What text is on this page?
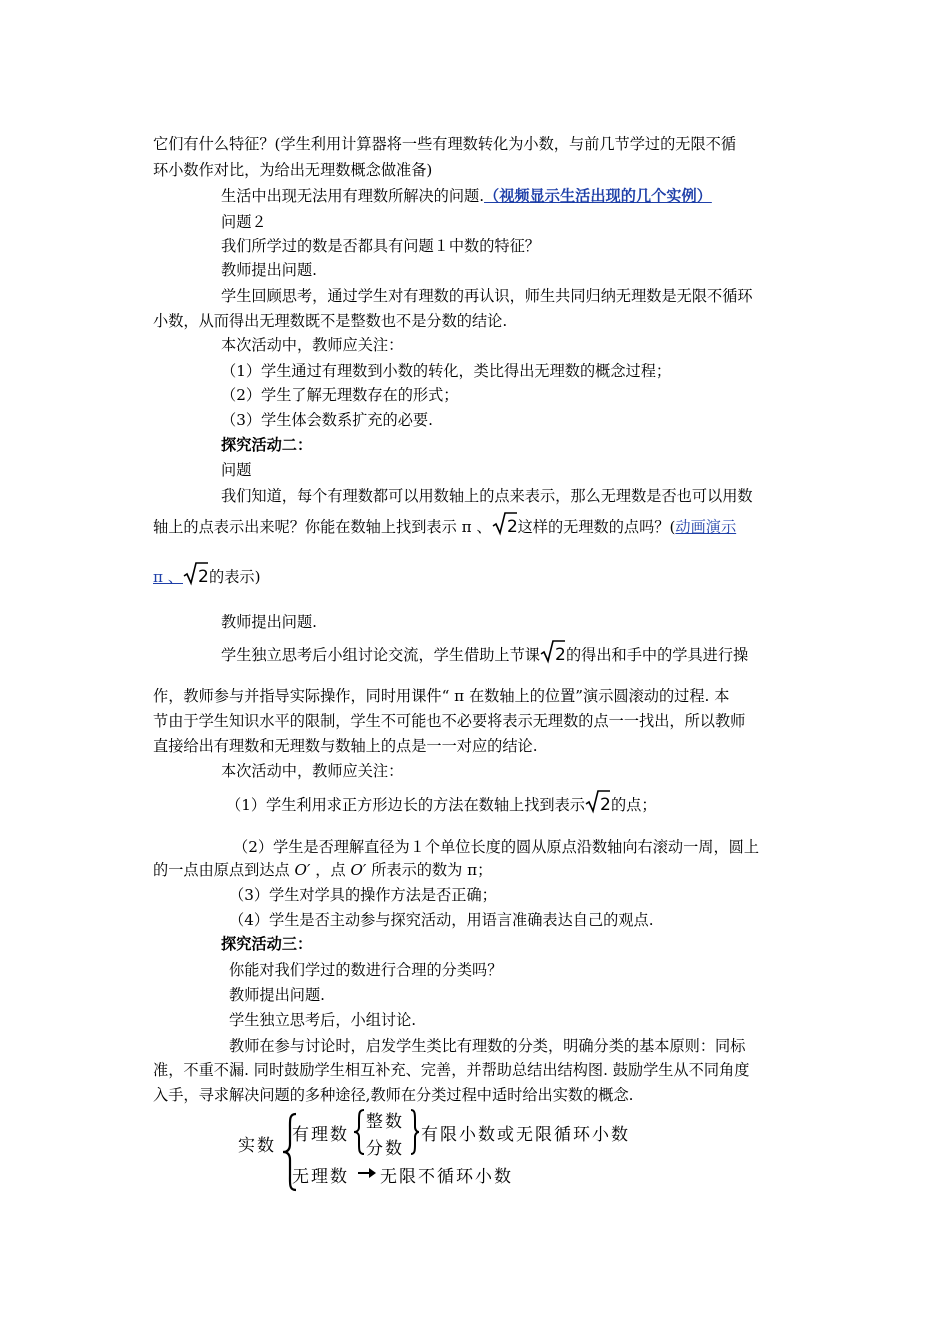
它们有什么特征？(学生利用计算器将一些有理数转化为小数，与前几节学过的无限不循
环小数作对比，为给出无理数概念做准备)
生活中出现无法用有理数所解决的问题.（视频显示生活出现的几个实例）
问题２
我们所学过的数是否都具有问题１中数的特征？
教师提出问题.
学生回顾思考，通过学生对有理数的再认识，师生共同归纳无理数是无限不循环
小数，从而得出无理数既不是整数也不是分数的结论.
本次活动中，教师应关注：
（1）学生通过有理数到小数的转化，类比得出无理数的概念过程；
（2）学生了解无理数存在的形式；
（3）学生体会数系扩充的必要.
探究活动二：
问题
我们知道，每个有理数都可以用数轴上的点来表示，那么无理数是否也可以用数
轴上的点表示出来呢？你能在数轴上找到表示 π 、 2 这样的无理数的点吗？(动画演示
π 、 2 的表示)
教师提出问题.
学生独立思考后小组讨论交流，学生借助上节课 2 的得出和手中的学具进行操
作，教师参与并指导实际操作，同时用课件“ π 在数轴上的位置”演示圆滚动的过程. 本
节由于学生知识水平的限制，学生不可能也不必要将表示无理数的点一一找出，所以教师
直接给出有理数和无理数与数轴上的点是一一对应的结论.
本次活动中，教师应关注：
（1）学生利用求正方形边长的方法在数轴上找到表示 2 的点；
（2）学生是否理解直径为１个单位长度的圆从原点沿数轴向右滚动一周，圆上
的一点由原点到达点 O′ ，点 O′ 所表示的数为 π；
（3）学生对学具的操作方法是否正确；
（4）学生是否主动参与探究活动，用语言准确表达自己的观点.
探究活动三：
你能对我们学过的数进行合理的分类吗？
教师提出问题.
学生独立思考后，小组讨论.
教师在参与讨论时，启发学生类比有理数的分类，明确分类的基本原则：同标
准，不重不漏. 同时鼓励学生相互补充、完善，并帮助总结出结构图. 鼓励学生从不同角度
入手，寻求解决问题的多种途径,教师在分类过程中适时给出实数的概念.
实数
有理数
整数
分数
有限小数或无限循环小数
无理数 无限不循环小数
